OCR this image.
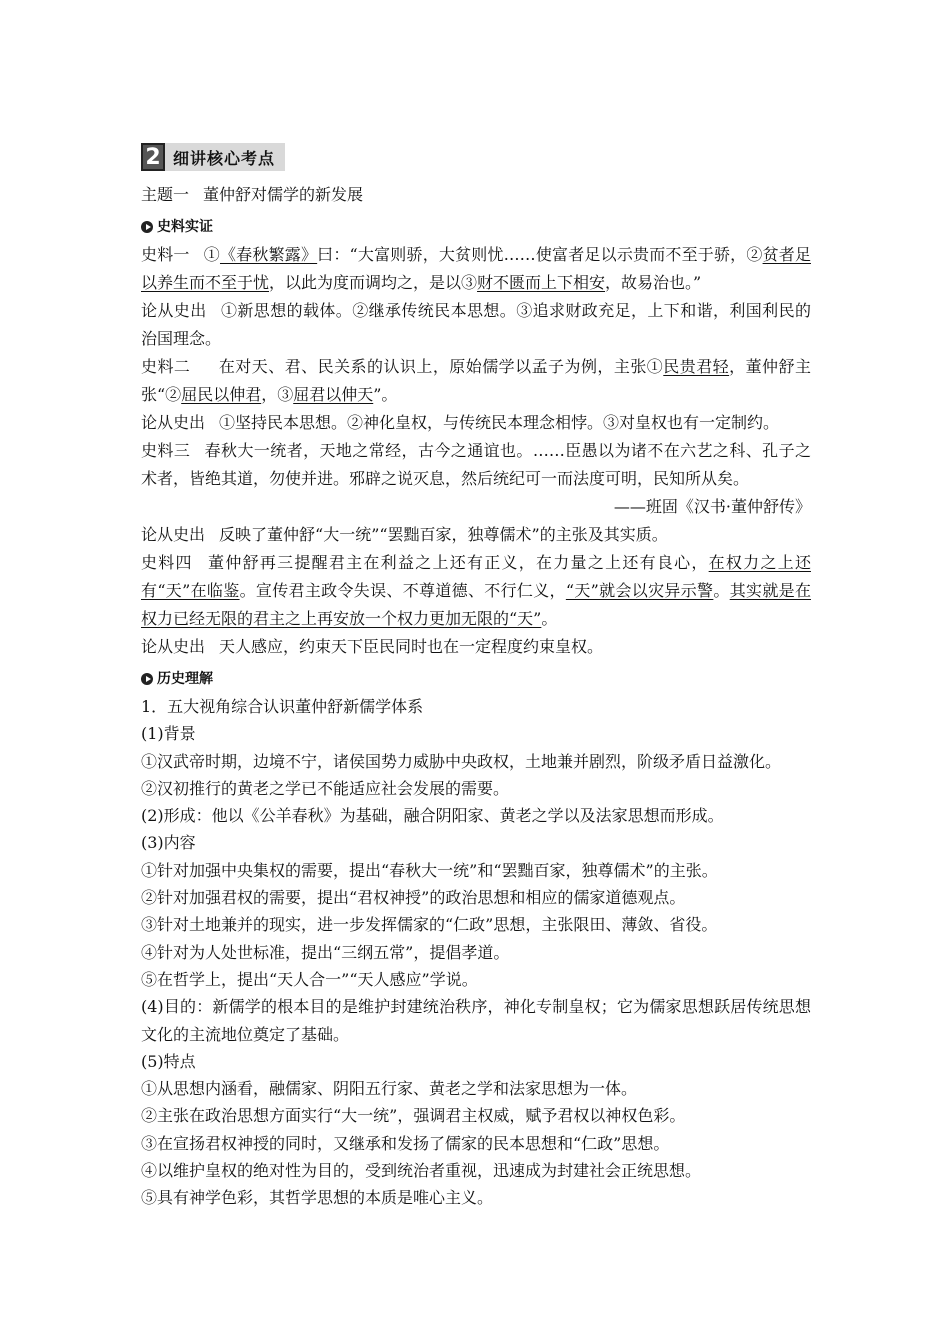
2 细讲核心考点
主题一 董仲舒对儒学的新发展
史料实证

史料一 ①《春秋繁露》曰：“大富则骄，大贫则忧……使富者足以示贵而不至于骄，②贫者足以养生而不至于忧，以此为度而调均之，是以③财不匮而上下相安，故易治也。”

论从史出 ①新思想的载体。②继承传统民本思想。③追求财政充足，上下和谐，利国利民的治国理念。

史料二 在对天、君、民关系的认识上，原始儒学以孟子为例，主张①民贵君轻，董仲舒主张“②屈民以伸君，③屈君以伸天”。

论从史出 ①坚持民本思想。②神化皇权，与传统民本理念相悖。③对皇权也有一定制约。

史料三 春秋大一统者，天地之常经，古今之通谊也。……臣愚以为诸不在六艺之科、孔子之术者，皆绝其道，勿使并进。邪辟之说灭息，然后统纪可一而法度可明，民知所从矣。

——班固《汉书·董仲舒传》

论从史出 反映了董仲舒“大一统”“罢黜百家，独尊儒术”的主张及其实质。

史料四 董仲舒再三提醒君主在利益之上还有正义，在力量之上还有良心，在权力之上还有“天”在临鉴。宣传君主政令失误、不尊道德、不行仁义，“天”就会以灾异示警。其实就是在权力已经无限的君主之上再安放一个权力更加无限的“天”。

论从史出 天人感应，约束天下臣民同时也在一定程度约束皇权。

历史理解

1．五大视角综合认识董仲舒新儒学体系

(1)背景

①汉武帝时期，边境不宁，诸侯国势力威胁中央政权，土地兼并剧烈，阶级矛盾日益激化。

②汉初推行的黄老之学已不能适应社会发展的需要。

(2)形成：他以《公羊春秋》为基础，融合阴阳家、黄老之学以及法家思想而形成。

(3)内容

①针对加强中央集权的需要，提出“春秋大一统”和“罢黜百家，独尊儒术”的主张。

②针对加强君权的需要，提出“君权神授”的政治思想和相应的儒家道德观点。

③针对土地兼并的现实，进一步发挥儒家的“仁政”思想，主张限田、薄敛、省役。

④针对为人处世标准，提出“三纲五常”，提倡孝道。

⑤在哲学上，提出“天人合一”“天人感应”学说。

(4)目的：新儒学的根本目的是维护封建统治秩序，神化专制皇权；它为儒家思想跃居传统思想文化的主流地位奠定了基础。

(5)特点

①从思想内涵看，融儒家、阴阳五行家、黄老之学和法家思想为一体。

②主张在政治思想方面实行“大一统”，强调君主权威，赋予君权以神权色彩。

③在宣扬君权神授的同时，又继承和发扬了儒家的民本思想和“仁政”思想。

④以维护皇权的绝对性为目的，受到统治者重视，迅速成为封建社会正统思想。

⑤具有神学色彩，其哲学思想的本质是唯心主义。
